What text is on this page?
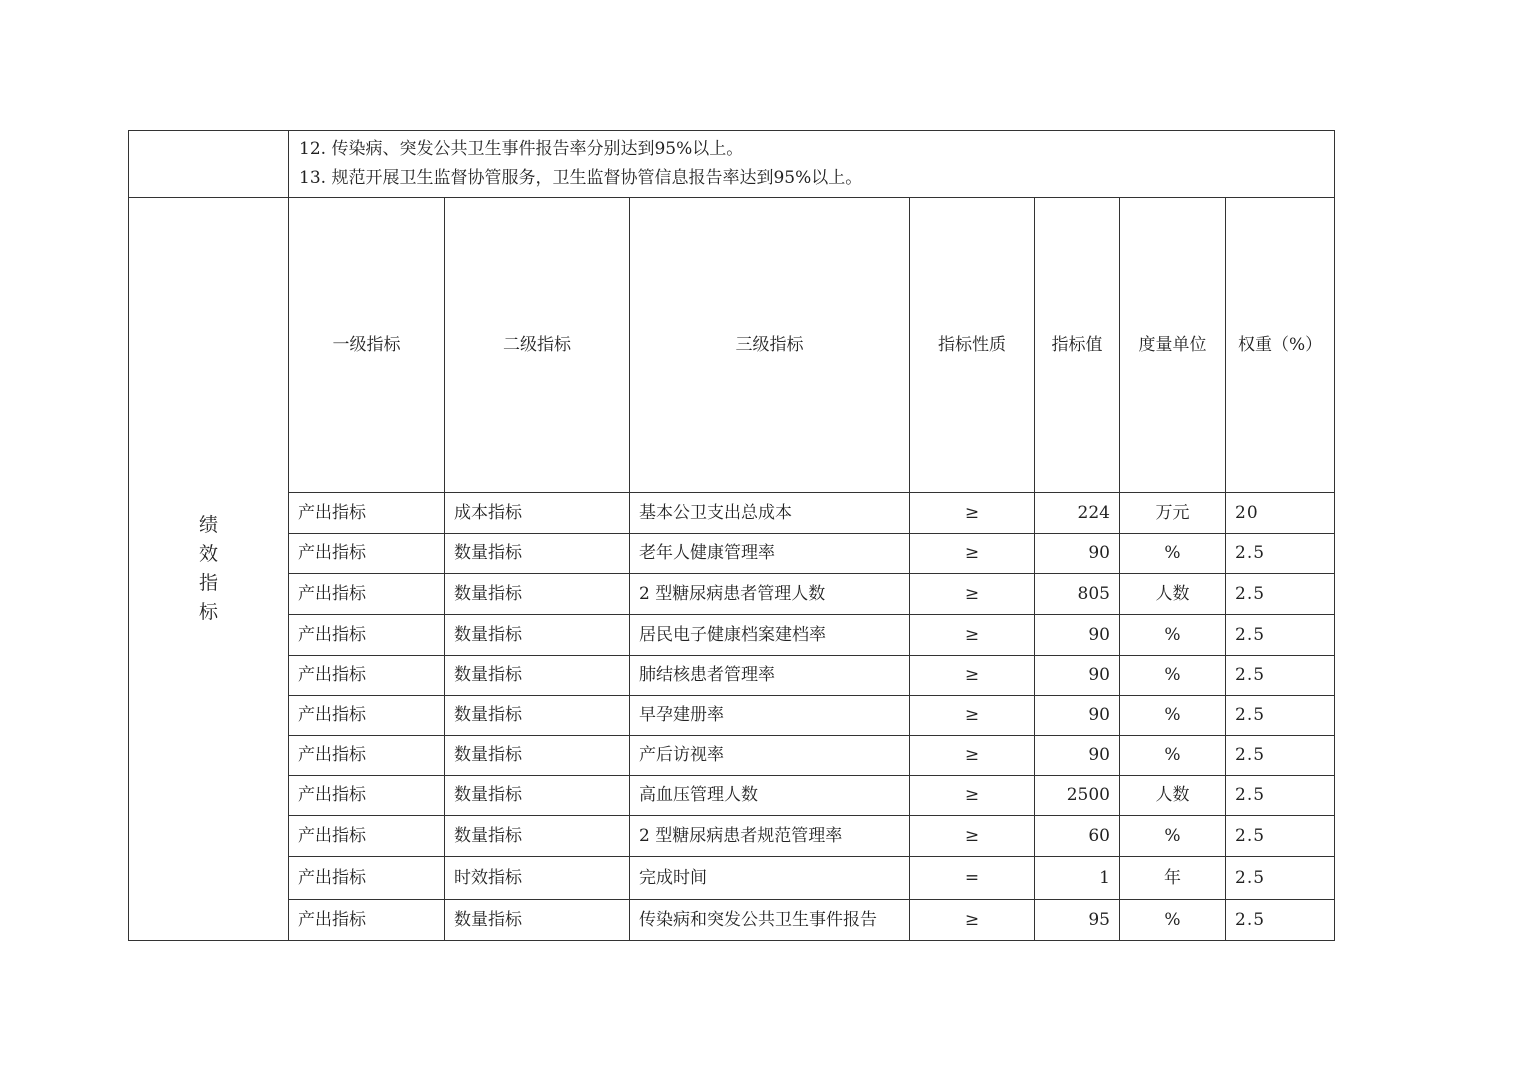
	12. 传染病、突发公共卫生事件报告率分别达到95%以上。
13. 规范开展卫生监督协管服务，卫生监督协管信息报告率达到95%以上。						

绩
效
指
标	一级指标	二级指标	三级指标	指标性质	指标值	度量单位	权重（%）
	产出指标	成本指标	基本公卫支出总成本	≥	224	万元	20
	产出指标	数量指标	老年人健康管理率	≥	90	%	2.5
	产出指标	数量指标	2 型糖尿病患者管理人数	≥	805	人数	2.5
	产出指标	数量指标	居民电子健康档案建档率	≥	90	%	2.5
	产出指标	数量指标	肺结核患者管理率	≥	90	%	2.5
	产出指标	数量指标	早孕建册率	≥	90	%	2.5
	产出指标	数量指标	产后访视率	≥	90	%	2.5
	产出指标	数量指标	高血压管理人数	≥	2500	人数	2.5
	产出指标	数量指标	2 型糖尿病患者规范管理率	≥	60	%	2.5
	产出指标	时效指标	完成时间	=	1	年	2.5
	产出指标	数量指标	传染病和突发公共卫生事件报告	≥	95	%	2.5
